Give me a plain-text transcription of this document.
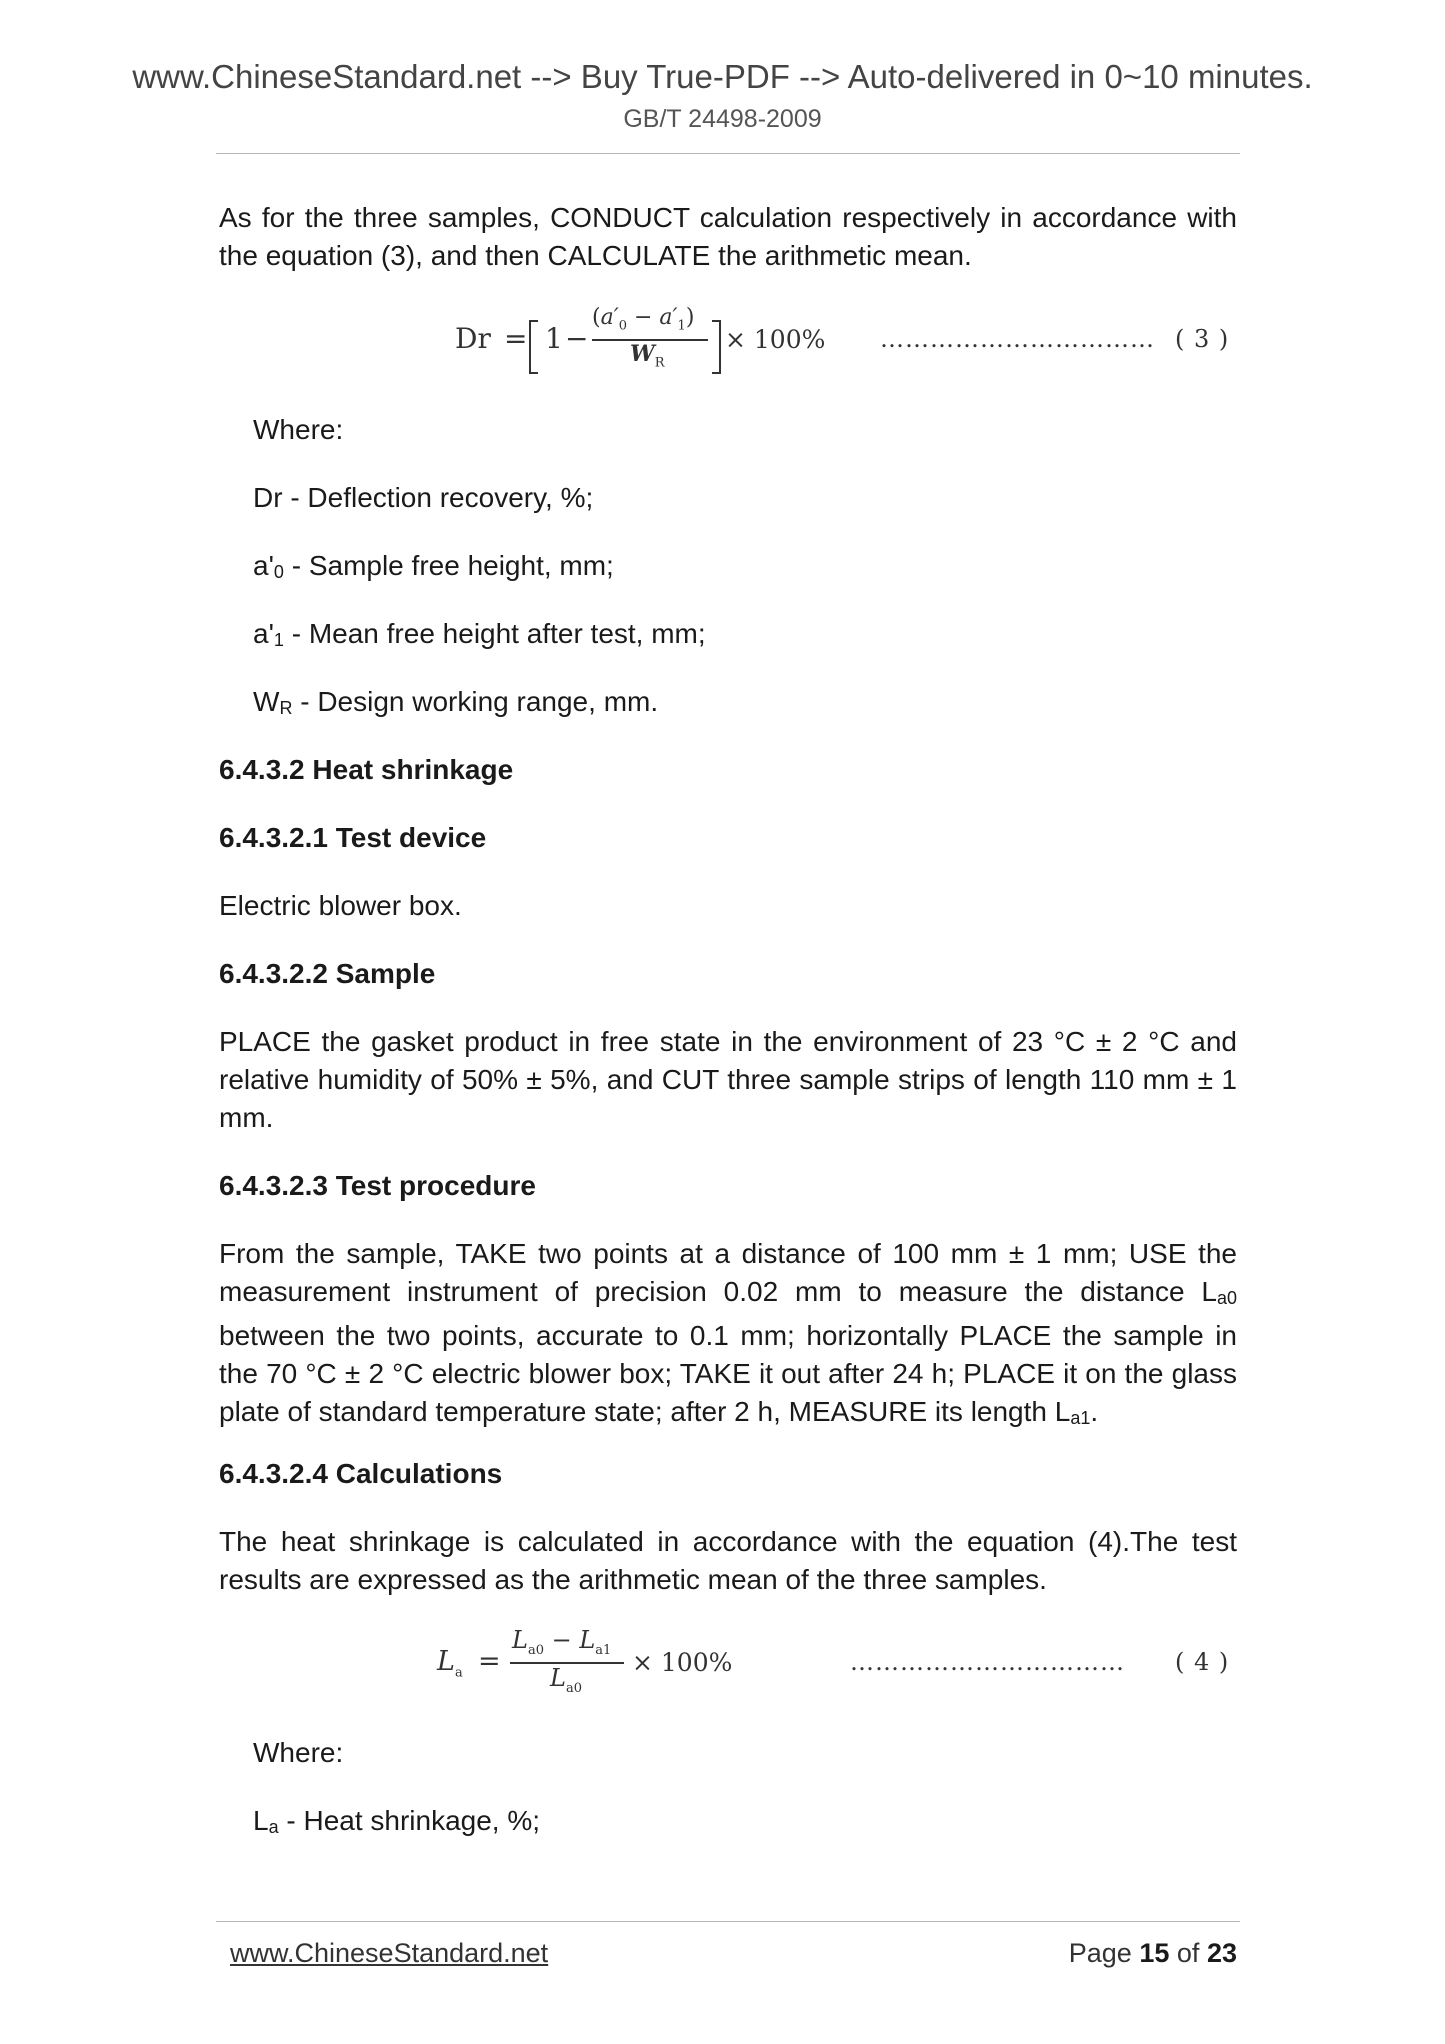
www.ChineseStandard.net --> Buy True-PDF --> Auto-delivered in 0~10 minutes.
GB/T 24498-2009
As for the three samples, CONDUCT calculation respectively in accordance with the equation (3), and then CALCULATE the arithmetic mean.
Dr = 1 −
$(a'_0 - a'_1)$
$W_R$
× 100% …………………………… ( 3 )
Where:
Dr - Deflection recovery, %;
$a'_0$ - Sample free height, mm;
$a'_1$ - Mean free height after test, mm;
$W_R$ - Design working range, mm.
6.4.3.2 Heat shrinkage
6.4.3.2.1 Test device
Electric blower box.
6.4.3.2.2 Sample
PLACE the gasket product in free state in the environment of 23 °C ± 2 °C and relative humidity of 50% ± 5%, and CUT three sample strips of length 110 mm ± 1 mm.
6.4.3.2.3 Test procedure
From the sample, TAKE two points at a distance of 100 mm ± 1 mm; USE the measurement instrument of precision 0.02 mm to measure the distance $L_{a0}$ between the two points, accurate to 0.1 mm; horizontally PLACE the sample in the 70 °C ± 2 °C electric blower box; TAKE it out after 24 h; PLACE it on the glass plate of standard temperature state; after 2 h, MEASURE its length $L_{a1}$.
6.4.3.2.4 Calculations
The heat shrinkage is calculated in accordance with the equation (4).The test results are expressed as the arithmetic mean of the three samples.
$L_a$ =
$L_{a0} - L_{a1}$
$L_{a0}$
× 100%	…………………………… ( 4 )
Where:
$L_a$ - Heat shrinkage, %;
www.ChineseStandard.net	Page 15 of 23
